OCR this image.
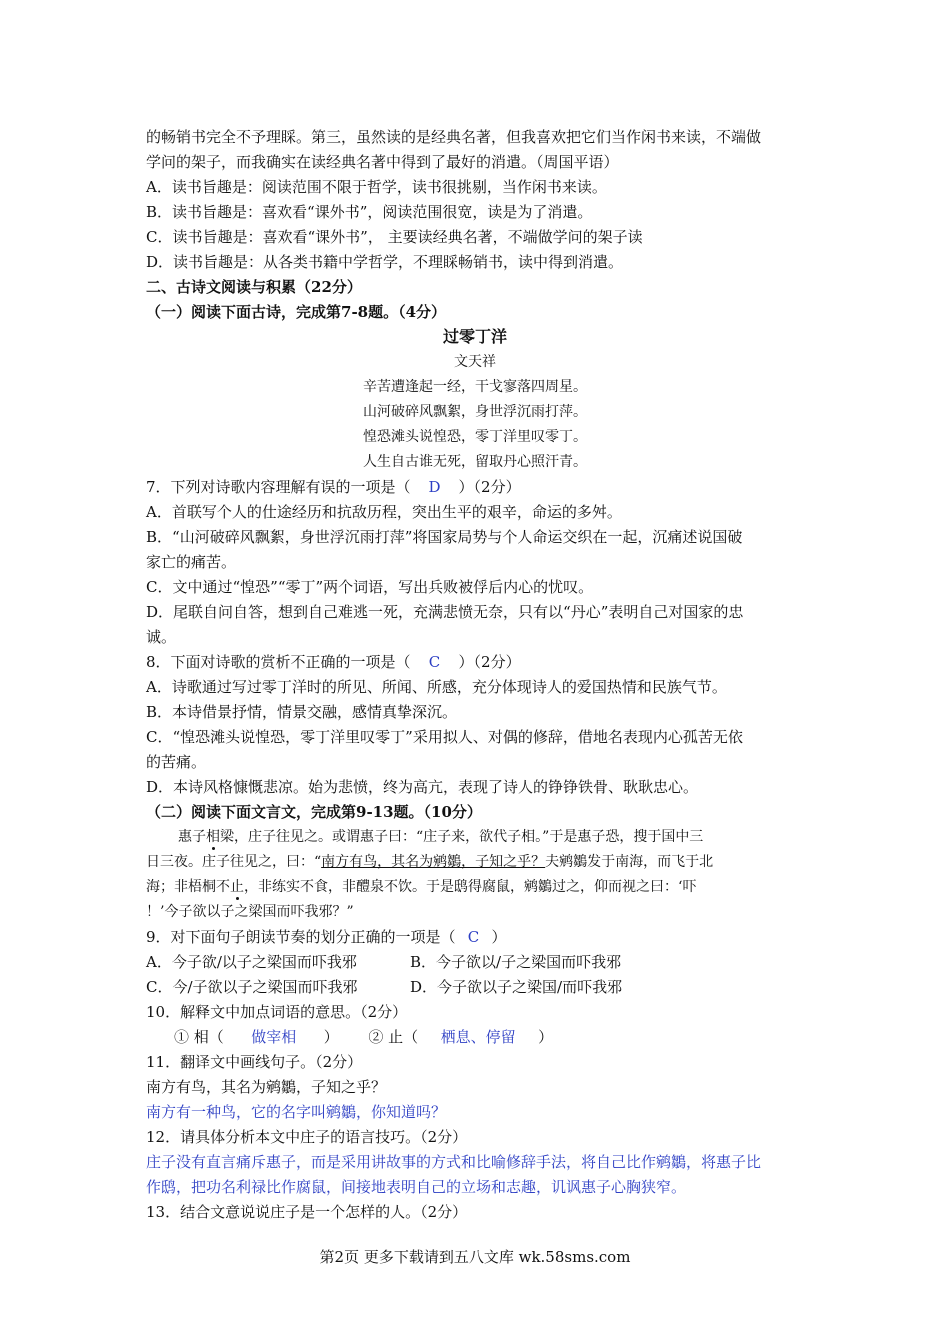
的畅销书完全不予理睬。第三，虽然读的是经典名著，但我喜欢把它们当作闲书来读，不端做
学问的架子，而我确实在读经典名著中得到了最好的消遣。（周国平语）
A．读书旨趣是：阅读范围不限于哲学，读书很挑剔，当作闲书来读。
B．读书旨趣是：喜欢看“课外书”，阅读范围很宽，读是为了消遣。
C．读书旨趣是：喜欢看“课外书”， 主要读经典名著，不端做学问的架子读
D．读书旨趣是：从各类书籍中学哲学，不理睬畅销书，读中得到消遣。
二、古诗文阅读与积累（22分）
（一）阅读下面古诗，完成第7-8题。（4分）
过零丁洋
文天祥
辛苦遭逢起一经，干戈寥落四周星。
山河破碎风飘絮，身世浮沉雨打萍。
惶恐滩头说惶恐，零丁洋里叹零丁。
人生自古谁无死，留取丹心照汗青。
7．下列对诗歌内容理解有误的一项是（ D ）（2分）
A．首联写个人的仕途经历和抗敌历程，突出生平的艰辛，命运的多舛。
B．“山河破碎风飘絮，身世浮沉雨打萍”将国家局势与个人命运交织在一起，沉痛述说国破
家亡的痛苦。
C．文中通过“惶恐”“零丁”两个词语，写出兵败被俘后内心的忧叹。
D．尾联自问自答，想到自己难逃一死，充满悲愤无奈，只有以“丹心”表明自己对国家的忠
诚。
8．下面对诗歌的赏析不正确的一项是（ C ）（2分）
A．诗歌通过写过零丁洋时的所见、所闻、所感，充分体现诗人的爱国热情和民族气节。
B．本诗借景抒情，情景交融，感情真挚深沉。
C．“惶恐滩头说惶恐，零丁洋里叹零丁”采用拟人、对偶的修辞，借地名表现内心孤苦无依
的苦痛。
D．本诗风格慷慨悲凉。始为悲愤，终为高亢，表现了诗人的铮铮铁骨、耿耿忠心。
（二）阅读下面文言文，完成第9-13题。（10分）
惠子相梁，庄子往见之。或谓惠子曰：“庄子来，欲代子相。”于是惠子恐，搜于国中三
日三夜。庄子往见之，曰：“南方有鸟，其名为鹓鶵，子知之乎？夫鹓鶵发于南海，而飞于北
海；非梧桐不止，非练实不食，非醴泉不饮。于是鸱得腐鼠，鹓鶵过之，仰而视之曰：‘吓
！’今子欲以子之梁国而吓我邪？”
9．对下面句子朗读节奏的划分正确的一项是（ C ）
A．今子欲/以子之梁国而吓我邪	B．今子欲以/子之梁国而吓我邪
C．今/子欲以子之梁国而吓我邪	D．今子欲以子之梁国/而吓我邪
10．解释文中加点词语的意思。（2分）
① 相（ 做宰相 ） ② 止（ 栖息、停留 ）
11．翻译文中画线句子。（2分）
南方有鸟，其名为鹓鶵，子知之乎？
南方有一种鸟，它的名字叫鹓鶵，你知道吗？
12．请具体分析本文中庄子的语言技巧。（2分）
庄子没有直言痛斥惠子，而是采用讲故事的方式和比喻修辞手法，将自己比作鹓鶵，将惠子比
作鸱，把功名利禄比作腐鼠，间接地表明自己的立场和志趣，讥讽惠子心胸狭窄。
13．结合文意说说庄子是一个怎样的人。（2分）
第2页 更多下载请到五八文库 wk.58sms.com
